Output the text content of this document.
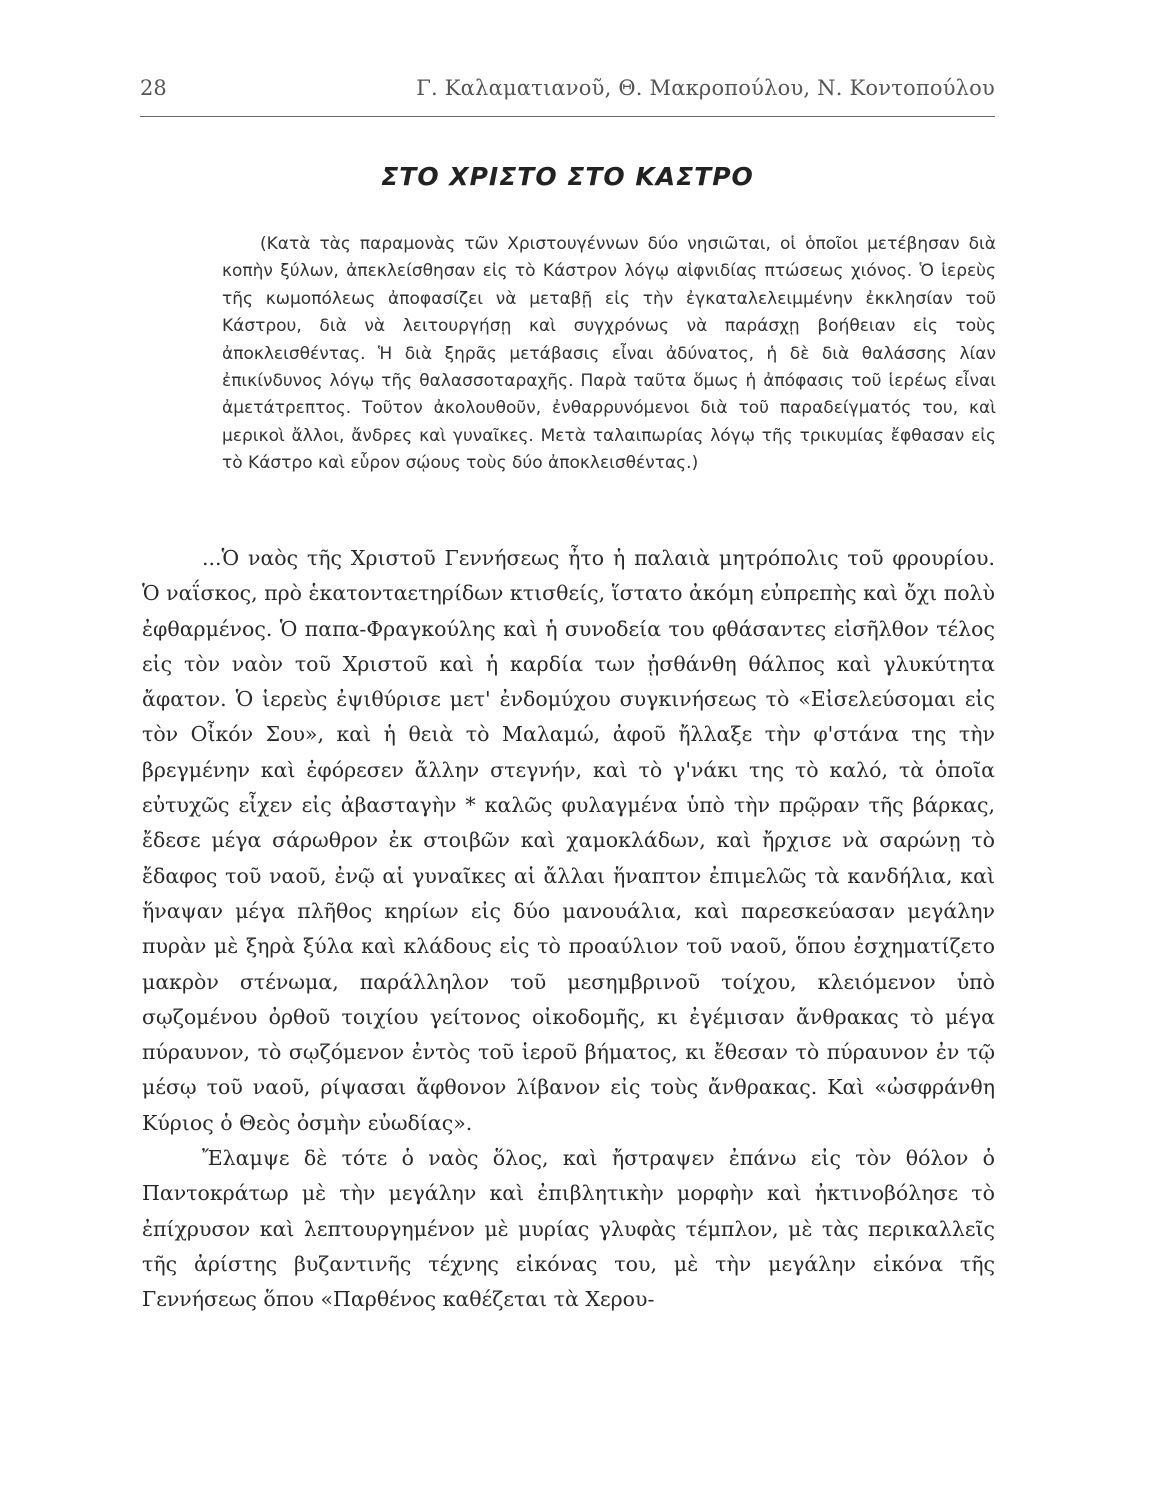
28	Γ. Καλαματιανοῦ, Θ. Μακροπούλου, Ν. Κοντοπούλου
ΣΤΟ ΧΡΙΣΤΟ ΣΤΟ ΚΑΣΤΡΟ

(Κατὰ τὰς παραμονὰς τῶν Χριστουγέννων δύο νησιῶται, οἱ ὁποῖοι μετέβησαν διὰ κοπὴν ξύλων, ἀπεκλείσθησαν εἰς τὸ Κάστρον λόγῳ αἰφνιδίας πτώσεως χιόνος. Ὁ ἱερεὺς τῆς κωμοπόλεως ἀποφασίζει νὰ μεταβῇ εἰς τὴν ἐγκαταλελειμμένην ἐκκλησίαν τοῦ Κάστρου, διὰ νὰ λειτουργήσῃ καὶ συγχρόνως νὰ παράσχῃ βοήθειαν εἰς τοὺς ἀποκλεισθέντας. Ἡ διὰ ξηρᾶς μετάβασις εἶναι ἀδύνατος, ἡ δὲ διὰ θαλάσσης λίαν ἐπικίνδυνος λόγῳ τῆς θαλασσοταραχῆς. Παρὰ ταῦτα ὅμως ἡ ἀπόφασις τοῦ ἱερέως εἶναι ἀμετάτρεπτος. Τοῦτον ἀκολουθοῦν, ἐνθαρρυνόμενοι διὰ τοῦ παραδείγματός του, καὶ μερικοὶ ἄλλοι, ἄνδρες καὶ γυναῖκες. Μετὰ ταλαιπωρίας λόγῳ τῆς τρικυμίας ἔφθασαν εἰς τὸ Κάστρο καὶ εὗρον σῴους τοὺς δύο ἀποκλεισθέντας.)

...Ὁ ναὸς τῆς Χριστοῦ Γεννήσεως ἦτο ἡ παλαιὰ μητρόπολις τοῦ φρουρίου. Ὁ ναΐσκος, πρὸ ἑκατονταετηρίδων κτισθείς, ἵστατο ἀκόμη εὐπρεπὴς καὶ ὄχι πολὺ ἐφθαρμένος. Ὁ παπα-Φραγκούλης καὶ ἡ συνοδεία του φθάσαντες εἰσῆλθον τέλος εἰς τὸν ναὸν τοῦ Χριστοῦ καὶ ἡ καρδία των ᾐσθάνθη θάλπος καὶ γλυκύτητα ἄφατον. Ὁ ἱερεὺς ἐψιθύρισε μετ' ἐνδομύχου συγκινήσεως τὸ «Εἰσελεύσομαι εἰς τὸν Οἶκόν Σου», καὶ ἡ θειὰ τὸ Μαλαμώ, ἀφοῦ ἤλλαξε τὴν φ'στάνα της τὴν βρεγμένην καὶ ἐφόρεσεν ἄλλην στεγνήν, καὶ τὸ γ'νάκι της τὸ καλό, τὰ ὁποῖα εὐτυχῶς εἶχεν εἰς ἀβασταγὴν * καλῶς φυλαγμένα ὑπὸ τὴν πρῷραν τῆς βάρκας, ἔδεσε μέγα σάρωθρον ἐκ στοιβῶν καὶ χαμοκλάδων, καὶ ἤρχισε νὰ σαρώνῃ τὸ ἔδαφος τοῦ ναοῦ, ἐνῷ αἱ γυναῖκες αἱ ἄλλαι ἥναπτον ἐπιμελῶς τὰ κανδήλια, καὶ ἥναψαν μέγα πλῆθος κηρίων εἰς δύο μανουάλια, καὶ παρεσκεύασαν μεγάλην πυρὰν μὲ ξηρὰ ξύλα καὶ κλάδους εἰς τὸ προαύλιον τοῦ ναοῦ, ὅπου ἐσχηματίζετο μακρὸν στένωμα, παράλληλον τοῦ μεσημβρινοῦ τοίχου, κλειόμενον ὑπὸ σῳζομένου ὀρθοῦ τοιχίου γείτονος οἰκοδομῆς, κι ἐγέμισαν ἄνθρακας τὸ μέγα πύραυνον, τὸ σῳζόμενον ἐντὸς τοῦ ἱεροῦ βήματος, κι ἔθεσαν τὸ πύραυνον ἐν τῷ μέσῳ τοῦ ναοῦ, ρίψασαι ἄφθονον λίβανον εἰς τοὺς ἄνθρακας. Καὶ «ὠσφράνθη Κύριος ὁ Θεὸς ὀσμὴν εὐωδίας».

Ἔλαμψε δὲ τότε ὁ ναὸς ὅλος, καὶ ἤστραψεν ἐπάνω εἰς τὸν θόλον ὁ Παντοκράτωρ μὲ τὴν μεγάλην καὶ ἐπιβλητικὴν μορφὴν καὶ ἠκτινοβόλησε τὸ ἐπίχρυσον καὶ λεπτουργημένον μὲ μυρίας γλυφὰς τέμπλον, μὲ τὰς περικαλλεῖς τῆς ἀρίστης βυζαντινῆς τέχνης εἰκόνας του, μὲ τὴν μεγάλην εἰκόνα τῆς Γεννήσεως ὅπου «Παρθένος καθέζεται τὰ Χερου-
